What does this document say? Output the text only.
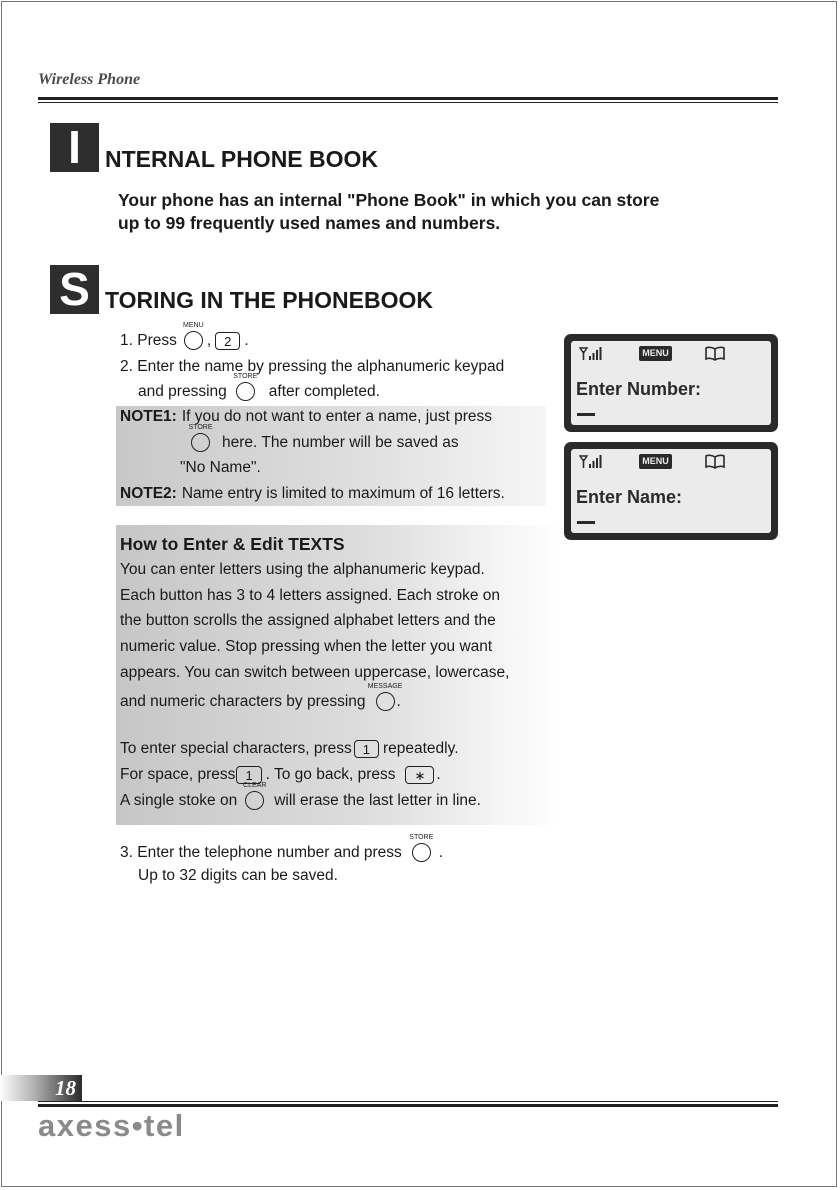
Wireless Phone
I	NTERNAL PHONE BOOK
Your phone has an internal "Phone Book" in which you can store
up to 99 frequently used names and numbers.
S TORING IN THE PHONEBOOK
1. Press
MENU
,	2 .
2. Enter the name by pressing the alphanumeric keypad
and pressing
STORE
after completed.
NOTE1: If you do not want to enter a name, just press
STORE
here. The number will be saved as
"No Name".
NOTE2: Name entry is limited to maximum of 16 letters.
MENU
Enter Number:
MENU
Enter Name:
How to Enter & Edit TEXTS
You can enter letters using the alphanumeric keypad.
Each button has 3 to 4 letters assigned. Each stroke on
the button scrolls the assigned alphabet letters and the
numeric value. Stop pressing when the letter you want
appears. You can switch between uppercase, lowercase,
and numeric characters by pressing
MESSAGE
.
To enter special characters, press 1 repeatedly.
For space, press 1 . To go back, press	∗ .
A single stoke on
CLEAR
will erase the last letter in line.
3. Enter the telephone number and press
STORE
.
Up to 32 digits can be saved.
18
axess•tel
